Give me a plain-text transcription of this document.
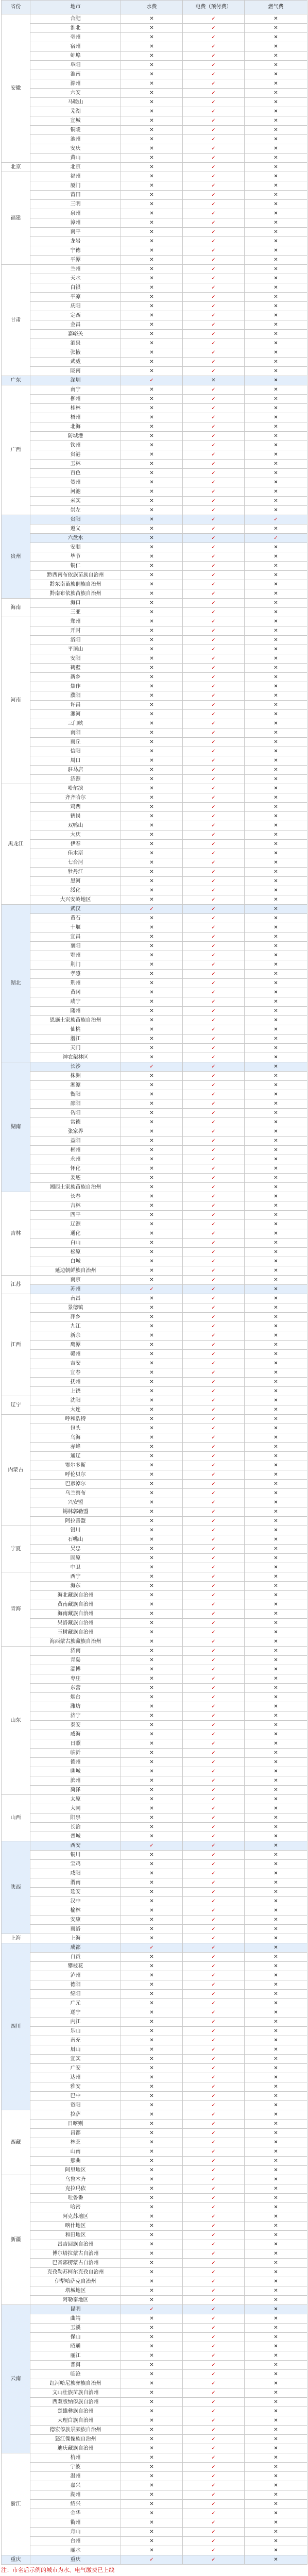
省份	地市	水费	电费（预付费）	燃气费
安徽	合肥	✕	✓	✕
	淮北	✕	✓	✕
	亳州	✕	✓	✕
	宿州	✕	✓	✕
	蚌埠	✕	✓	✕
	阜阳	✕	✓	✕
	淮南	✕	✓	✕
	滁州	✕	✓	✕
	六安	✕	✓	✕
	马鞍山	✕	✓	✕
	芜湖	✕	✓	✕
	宣城	✕	✓	✕
	铜陵	✕	✓	✕
	池州	✕	✓	✕
	安庆	✕	✓	✕
	黄山	✕	✓	✕
北京	北京	✕	✓	✕
福建	福州	✕	✓	✕
	厦门	✕	✓	✕
	莆田	✕	✓	✕
	三明	✕	✓	✕
	泉州	✕	✓	✕
	漳州	✕	✓	✕
	南平	✕	✓	✕
	龙岩	✕	✓	✕
	宁德	✕	✓	✕
	平潭	✕	✓	✕
甘肃	兰州	✕	✓	✕
	天水	✕	✓	✕
	白银	✕	✓	✕
	平凉	✕	✓	✕
	庆阳	✕	✓	✕
	定西	✕	✓	✕
	金昌	✕	✓	✕
	嘉峪关	✕	✓	✕
	酒泉	✕	✓	✕
	张掖	✕	✓	✕
	武威	✕	✓	✕
	陇南	✕	✓	✕
广东	深圳	✓	✕	✕
广西	南宁	✕	✓	✕
	柳州	✕	✓	✕
	桂林	✕	✓	✕
	梧州	✕	✓	✕
	北海	✕	✓	✕
	防城港	✕	✓	✕
	钦州	✕	✓	✕
	贵港	✕	✓	✕
	玉林	✕	✓	✕
	百色	✕	✓	✕
	贺州	✕	✓	✕
	河池	✕	✓	✕
	来宾	✕	✓	✕
	崇左	✕	✓	✕
贵州	贵阳	✕	✓	✓
	遵义	✕	✓	✕
	六盘水	✕	✓	✓
	安顺	✕	✓	✕
	毕节	✕	✓	✕
	铜仁	✕	✓	✕
	黔西南布依族苗族自治州	✕	✓	✕
	黔东南苗族侗族自治州	✕	✓	✕
	黔南布依族苗族自治州	✕	✓	✕
海南	海口	✕	✓	✕
	三亚	✕	✓	✕
河南	郑州	✕	✓	✕
	开封	✕	✓	✕
	洛阳	✕	✓	✕
	平顶山	✕	✓	✕
	安阳	✕	✓	✕
	鹤壁	✕	✓	✕
	新乡	✕	✓	✕
	焦作	✕	✓	✕
	濮阳	✕	✓	✕
	许昌	✕	✓	✕
	漯河	✕	✓	✕
	三门峡	✕	✓	✕
	南阳	✕	✓	✕
	商丘	✕	✓	✕
	信阳	✕	✓	✕
	周口	✕	✓	✕
	驻马店	✕	✓	✕
	济源	✕	✓	✕
黑龙江	哈尔滨	✕	✓	✕
	齐齐哈尔	✕	✓	✕
	鸡西	✕	✓	✕
	鹤岗	✕	✓	✕
	双鸭山	✕	✓	✕
	大庆	✕	✓	✕
	伊春	✕	✓	✕
	佳木斯	✕	✓	✕
	七台河	✕	✓	✕
	牡丹江	✕	✓	✕
	黑河	✕	✓	✕
	绥化	✕	✓	✕
	大兴安岭地区	✕	✓	✕
湖北	武汉	✓	✓	✕
	黄石	✕	✓	✕
	十堰	✕	✓	✕
	宜昌	✕	✓	✕
	襄阳	✕	✓	✕
	鄂州	✕	✓	✕
	荆门	✕	✓	✕
	孝感	✕	✓	✕
	荆州	✕	✓	✕
	黄冈	✕	✓	✕
	咸宁	✕	✓	✕
	随州	✕	✓	✕
	恩施土家族苗族自治州	✕	✓	✕
	仙桃	✕	✓	✕
	潜江	✕	✓	✕
	天门	✕	✓	✕
	神农架林区	✕	✓	✕
湖南	长沙	✓	✓	✕
	株洲	✕	✓	✕
	湘潭	✕	✓	✕
	衡阳	✕	✓	✕
	邵阳	✕	✓	✕
	岳阳	✕	✓	✕
	常德	✕	✓	✕
	张家界	✕	✓	✕
	益阳	✕	✓	✕
	郴州	✕	✓	✕
	永州	✕	✓	✕
	怀化	✕	✓	✕
	娄底	✕	✓	✕
	湘西土家族苗族自治州	✕	✓	✕
吉林	长春	✕	✓	✕
	吉林	✕	✓	✕
	四平	✕	✓	✕
	辽源	✕	✓	✕
	通化	✕	✓	✕
	白山	✕	✓	✕
	松原	✕	✓	✕
	白城	✕	✓	✕
	延边朝鲜族自治州	✕	✓	✕
江苏	南京	✕	✓	✕
	苏州	✓	✓	✕
江西	南昌	✕	✓	✕
	景德镇	✕	✓	✕
	萍乡	✕	✓	✕
	九江	✕	✓	✕
	新余	✕	✓	✕
	鹰潭	✕	✓	✕
	赣州	✕	✓	✕
	吉安	✕	✓	✕
	宜春	✕	✓	✕
	抚州	✕	✓	✕
	上饶	✕	✓	✕
辽宁	沈阳	✕	✓	✕
	大连	✕	✓	✕
内蒙古	呼和浩特	✕	✓	✕
	包头	✕	✓	✕
	乌海	✕	✓	✕
	赤峰	✕	✓	✕
	通辽	✕	✓	✕
	鄂尔多斯	✕	✓	✕
	呼伦贝尔	✕	✓	✕
	巴彦淖尔	✕	✓	✕
	乌兰察布	✕	✓	✕
	兴安盟	✕	✓	✕
	锡林郭勒盟	✕	✓	✕
	阿拉善盟	✕	✓	✕
宁夏	银川	✕	✓	✕
	石嘴山	✕	✓	✕
	吴忠	✕	✓	✕
	固原	✕	✓	✕
	中卫	✕	✓	✕
青海	西宁	✕	✓	✕
	海东	✕	✓	✕
	海北藏族自治州	✕	✓	✕
	黄南藏族自治州	✕	✓	✕
	海南藏族自治州	✕	✓	✕
	果洛藏族自治州	✕	✓	✕
	玉树藏族自治州	✕	✓	✕
	海西蒙古族藏族自治州	✕	✓	✕
山东	济南	✕	✓	✕
	青岛	✕	✓	✕
	淄博	✕	✓	✕
	枣庄	✕	✓	✕
	东营	✕	✓	✕
	烟台	✕	✓	✕
	潍坊	✕	✓	✕
	济宁	✕	✓	✕
	泰安	✕	✓	✕
	威海	✕	✓	✕
	日照	✕	✓	✕
	临沂	✕	✓	✕
	德州	✕	✓	✕
	聊城	✕	✓	✕
	滨州	✕	✓	✕
	菏泽	✕	✓	✕
山西	太原	✕	✓	✕
	大同	✕	✓	✕
	阳泉	✕	✓	✕
	长治	✕	✓	✕
	晋城	✕	✓	✕
陕西	西安	✓	✓	✕
	铜川	✕	✓	✕
	宝鸡	✕	✓	✕
	咸阳	✕	✓	✕
	渭南	✕	✓	✕
	延安	✕	✓	✕
	汉中	✕	✓	✕
	榆林	✕	✓	✕
	安康	✕	✓	✕
	商洛	✕	✓	✕
上海	上海	✕	✓	✕
四川	成都	✓	✓	✕
	自贡	✕	✓	✕
	攀枝花	✕	✓	✕
	泸州	✕	✓	✕
	德阳	✕	✓	✕
	绵阳	✕	✓	✕
	广元	✕	✓	✕
	遂宁	✕	✓	✕
	内江	✕	✓	✕
	乐山	✕	✓	✕
	南充	✕	✓	✕
	眉山	✕	✓	✕
	宜宾	✕	✓	✕
	广安	✕	✓	✕
	达州	✕	✓	✕
	雅安	✕	✓	✕
	巴中	✕	✓	✕
	资阳	✕	✓	✕
西藏	拉萨	✕	✓	✕
	日喀则	✕	✓	✕
	昌都	✕	✓	✕
	林芝	✕	✓	✕
	山南	✕	✓	✕
	那曲	✕	✓	✕
	阿里地区	✕	✓	✕
新疆	乌鲁木齐	✕	✓	✕
	克拉玛依	✕	✓	✕
	吐鲁番	✕	✓	✕
	哈密	✕	✓	✕
	阿克苏地区	✕	✓	✕
	喀什地区	✕	✓	✕
	和田地区	✕	✓	✕
	昌吉回族自治州	✕	✓	✕
	博尔塔拉蒙古自治州	✕	✓	✕
	巴音郭楞蒙古自治州	✕	✓	✕
	克孜勒苏柯尔克孜自治州	✕	✓	✕
	伊犁哈萨克自治州	✕	✓	✕
	塔城地区	✕	✓	✕
	阿勒泰地区	✕	✓	✕
云南	昆明	✓	✓	✕
	曲靖	✕	✓	✕
	玉溪	✕	✓	✕
	保山	✕	✓	✕
	昭通	✕	✓	✕
	丽江	✕	✓	✕
	普洱	✕	✓	✕
	临沧	✕	✓	✕
	红河哈尼族彝族自治州	✕	✓	✕
	文山壮族苗族自治州	✕	✓	✕
	西双版纳傣族自治州	✕	✓	✕
	楚雄彝族自治州	✕	✓	✕
	大理白族自治州	✕	✓	✕
	德宏傣族景颇族自治州	✕	✓	✕
	怒江傈僳族自治州	✕	✓	✕
	迪庆藏族自治州	✕	✓	✕
浙江	杭州	✕	✓	✕
	宁波	✕	✓	✕
	温州	✕	✓	✕
	嘉兴	✕	✓	✕
	湖州	✕	✓	✕
	绍兴	✕	✓	✕
	金华	✕	✓	✕
	衢州	✕	✓	✕
	舟山	✕	✓	✕
	台州	✕	✓	✕
	丽水	✕	✓	✕
重庆	重庆	✓	✓	✕
注：市名后示例的城市为水、电气缴费已上线
